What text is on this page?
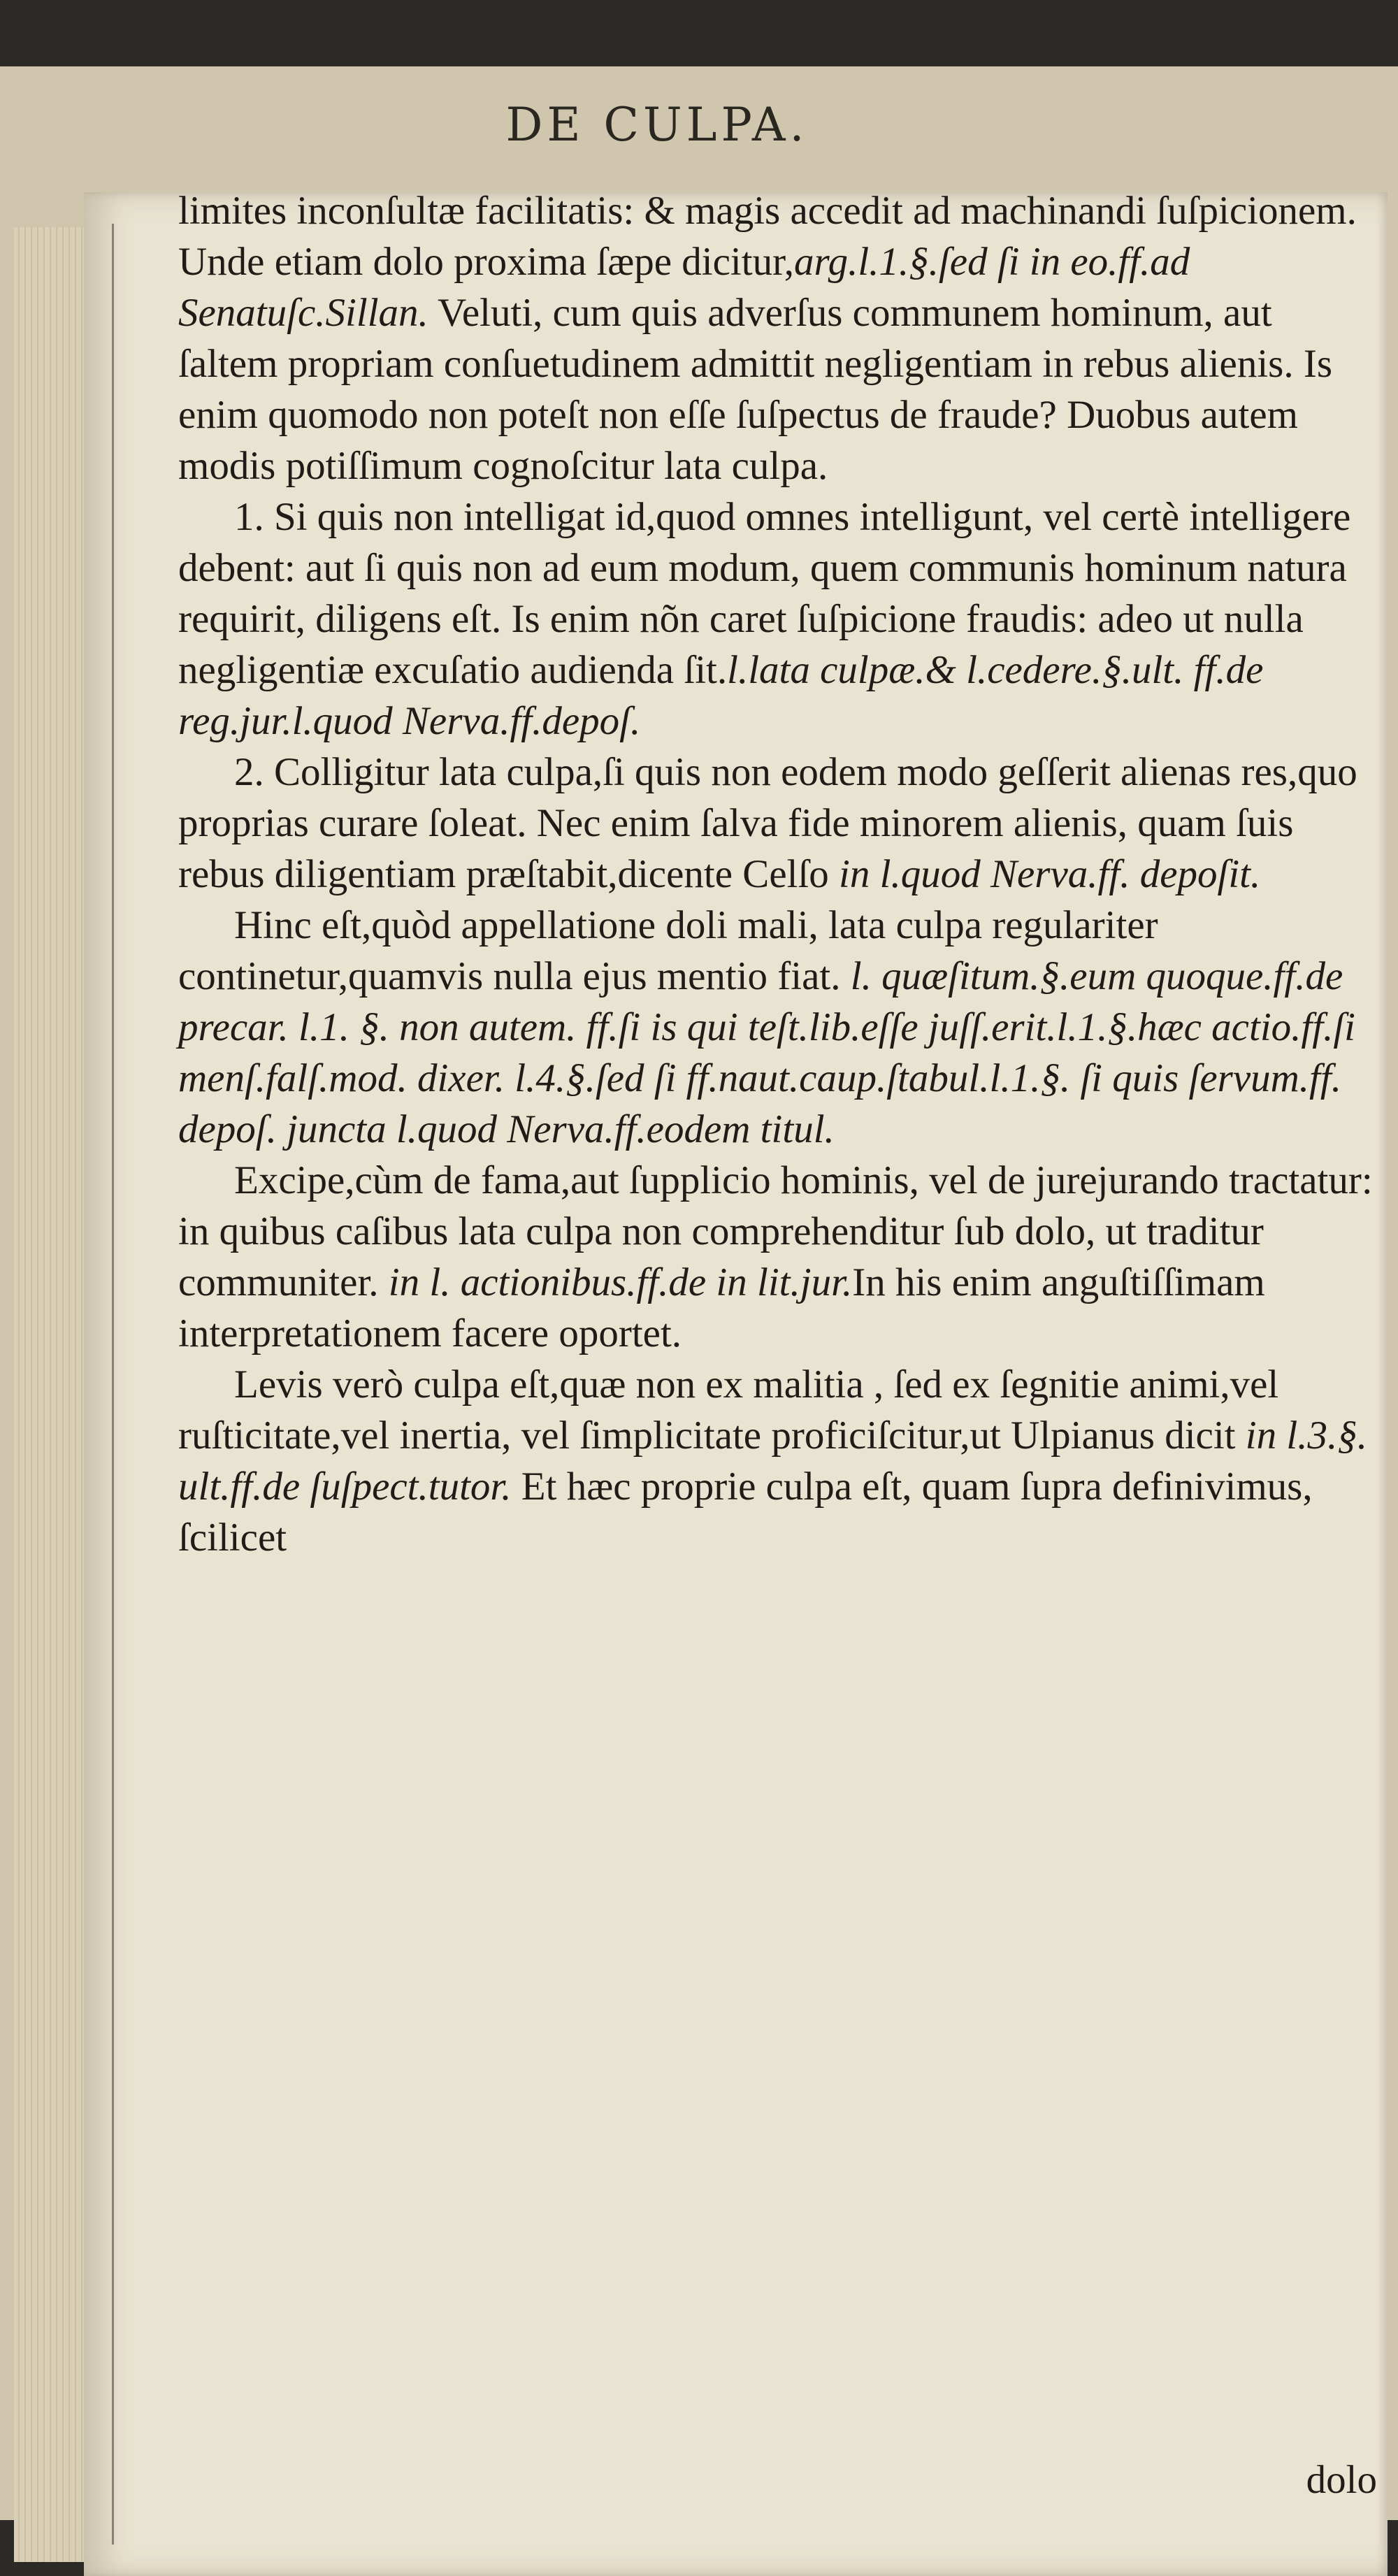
DE CULPA.

limites inconſultæ facilitatis: & magis accedit ad machinandi ſuſpicionem. Unde etiam dolo proxima ſæpe dicitur,arg.l.1.§.ſed ſi in eo.ff.ad Senatuſc.Sillan. Veluti, cum quis adverſus communem hominum, aut ſaltem propriam conſuetudinem admittit negligentiam in rebus alienis. Is enim quomodo non poteſt non eſſe ſuſpectus de fraude? Duobus autem modis potiſſimum cognoſcitur lata culpa.

1. Si quis non intelligat id,quod omnes intelligunt, vel certè intelligere debent: aut ſi quis non ad eum modum, quem communis hominum natura requirit, diligens eſt. Is enim nõn caret ſuſpicione fraudis: adeo ut nulla negligentiæ excuſatio audienda ſit.l.lata culpæ.& l.cedere.§.ult. ff.de reg.jur.l.quod Nerva.ff.depoſ.

2. Colligitur lata culpa,ſi quis non eodem modo geſſerit alienas res,quo proprias curare ſoleat. Nec enim ſalva fide minorem alienis, quam ſuis rebus diligentiam præſtabit,dicente Celſo in l.quod Nerva.ff. depoſit.

Hinc eſt,quòd appellatione doli mali, lata culpa regulariter continetur,quamvis nulla ejus mentio fiat. l. quæſitum.§.eum quoque.ff.de precar. l.1. §. non autem. ff.ſi is qui teſt.lib.eſſe juſſ.erit.l.1.§.hæc actio.ff.ſi menſ.falſ.mod. dixer. l.4.§.ſed ſi ff.naut.caup.ſtabul.l.1.§. ſi quis ſervum.ff. depoſ. juncta l.quod Nerva.ff.eodem titul.

Excipe,cùm de fama,aut ſupplicio hominis, vel de jurejurando tractatur: in quibus caſibus lata culpa non comprehenditur ſub dolo, ut traditur communiter. in l. actionibus.ff.de in lit.jur.In his enim anguſtiſſimam interpretationem facere oportet.

Levis verò culpa eſt,quæ non ex malitia , ſed ex ſegnitie animi,vel ruſticitate,vel inertia, vel ſimplicitate proficiſcitur,ut Ulpianus dicit in l.3.§. ult.ff.de ſuſpect.tutor. Et hæc proprie culpa eſt, quam ſupra definivimus, ſcilicet

dolo
